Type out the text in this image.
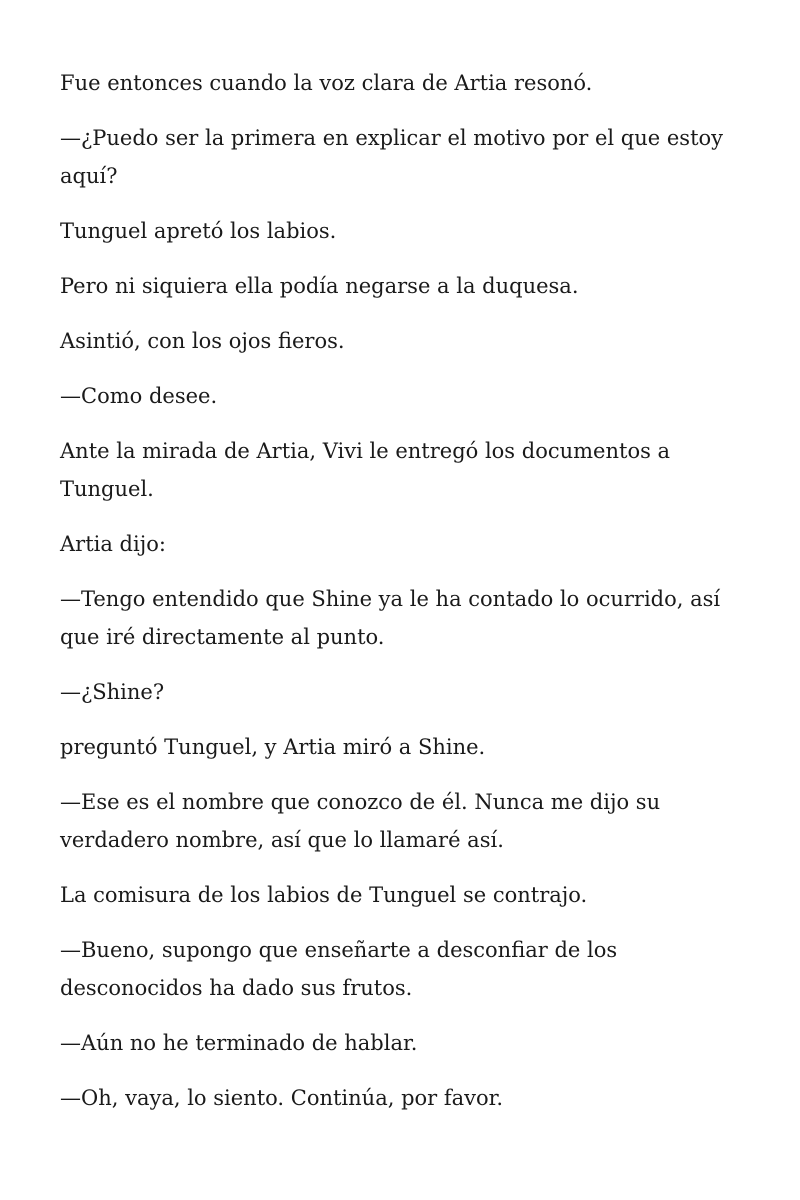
Fue entonces cuando la voz clara de Artia resonó.

—¿Puedo ser la primera en explicar el motivo por el que estoy aquí?

Tunguel apretó los labios.

Pero ni siquiera ella podía negarse a la duquesa.

Asintió, con los ojos fieros.

—Como desee.

Ante la mirada de Artia, Vivi le entregó los documentos a Tunguel.

Artia dijo:

—Tengo entendido que Shine ya le ha contado lo ocurrido, así que iré directamente al punto.

—¿Shine?

preguntó Tunguel, y Artia miró a Shine.

—Ese es el nombre que conozco de él. Nunca me dijo su verdadero nombre, así que lo llamaré así.

La comisura de los labios de Tunguel se contrajo.

—Bueno, supongo que enseñarte a desconfiar de los desconocidos ha dado sus frutos.

—Aún no he terminado de hablar.

—Oh, vaya, lo siento. Continúa, por favor.
